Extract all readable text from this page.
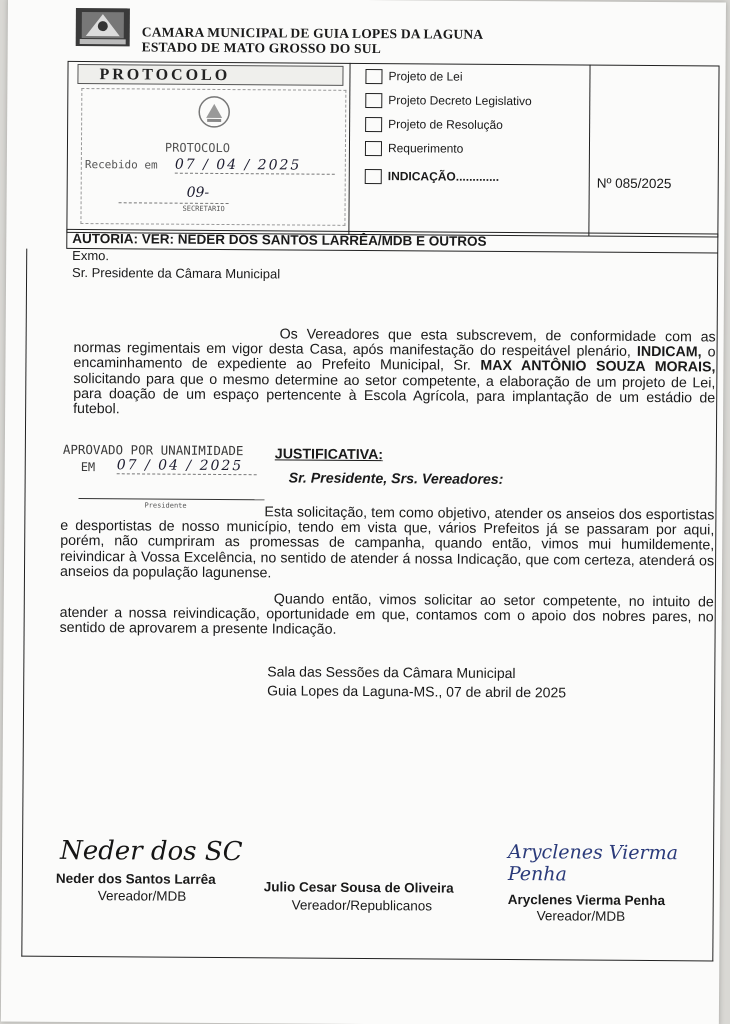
CAMARA MUNICIPAL DE GUIA LOPES DA LAGUNA
ESTADO DE MATO GROSSO DO SUL
PROTOCOLO
PROTOCOLO
Recebido em 07 / 04 / 2025
09-
SECRETARIO
Projeto de Lei
Projeto Decreto Legislativo
Projeto de Resolução
Requerimento
INDICAÇÃO.............	Nº 085/2025
AUTORIA: VER: NEDER DOS SANTOS LARRÊA/MDB E OUTROS
Exmo.
Sr. Presidente da Câmara Municipal
Os Vereadores que esta subscrevem, de conformidade com as normas regimentais em vigor desta Casa, após manifestação do respeitável plenário, INDICAM, o encaminhamento de expediente ao Prefeito Municipal, Sr. MAX ANTÔNIO SOUZA MORAIS, solicitando para que o mesmo determine ao setor competente, a elaboração de um projeto de Lei, para doação de um espaço pertencente à Escola Agrícola, para implantação de um estádio de futebol.
APROVADO POR UNANIMIDADE
EM 07 / 04 / 2025
Presidente
JUSTIFICATIVA:
Sr. Presidente, Srs. Vereadores:
Esta solicitação, tem como objetivo, atender os anseios dos esportistas e desportistas de nosso município, tendo em vista que, vários Prefeitos já se passaram por aqui, porém, não cumpriram as promessas de campanha, quando então, vimos mui humildemente, reivindicar à Vossa Excelência, no sentido de atender á nossa Indicação, que com certeza, atenderá os anseios da população lagunense.
Quando então, vimos solicitar ao setor competente, no intuito de atender a nossa reivindicação, oportunidade em que, contamos com o apoio dos nobres pares, no sentido de aprovarem a presente Indicação.
Sala das Sessões da Câmara Municipal
Guia Lopes da Laguna-MS., 07 de abril de 2025

Neder dos SC
Neder dos Santos Larrêa
Vereador/MDB
Julio Cesar Sousa de Oliveira
Vereador/Republicanos
Aryclenes Vierma Penha
Aryclenes Vierma Penha
Vereador/MDB
